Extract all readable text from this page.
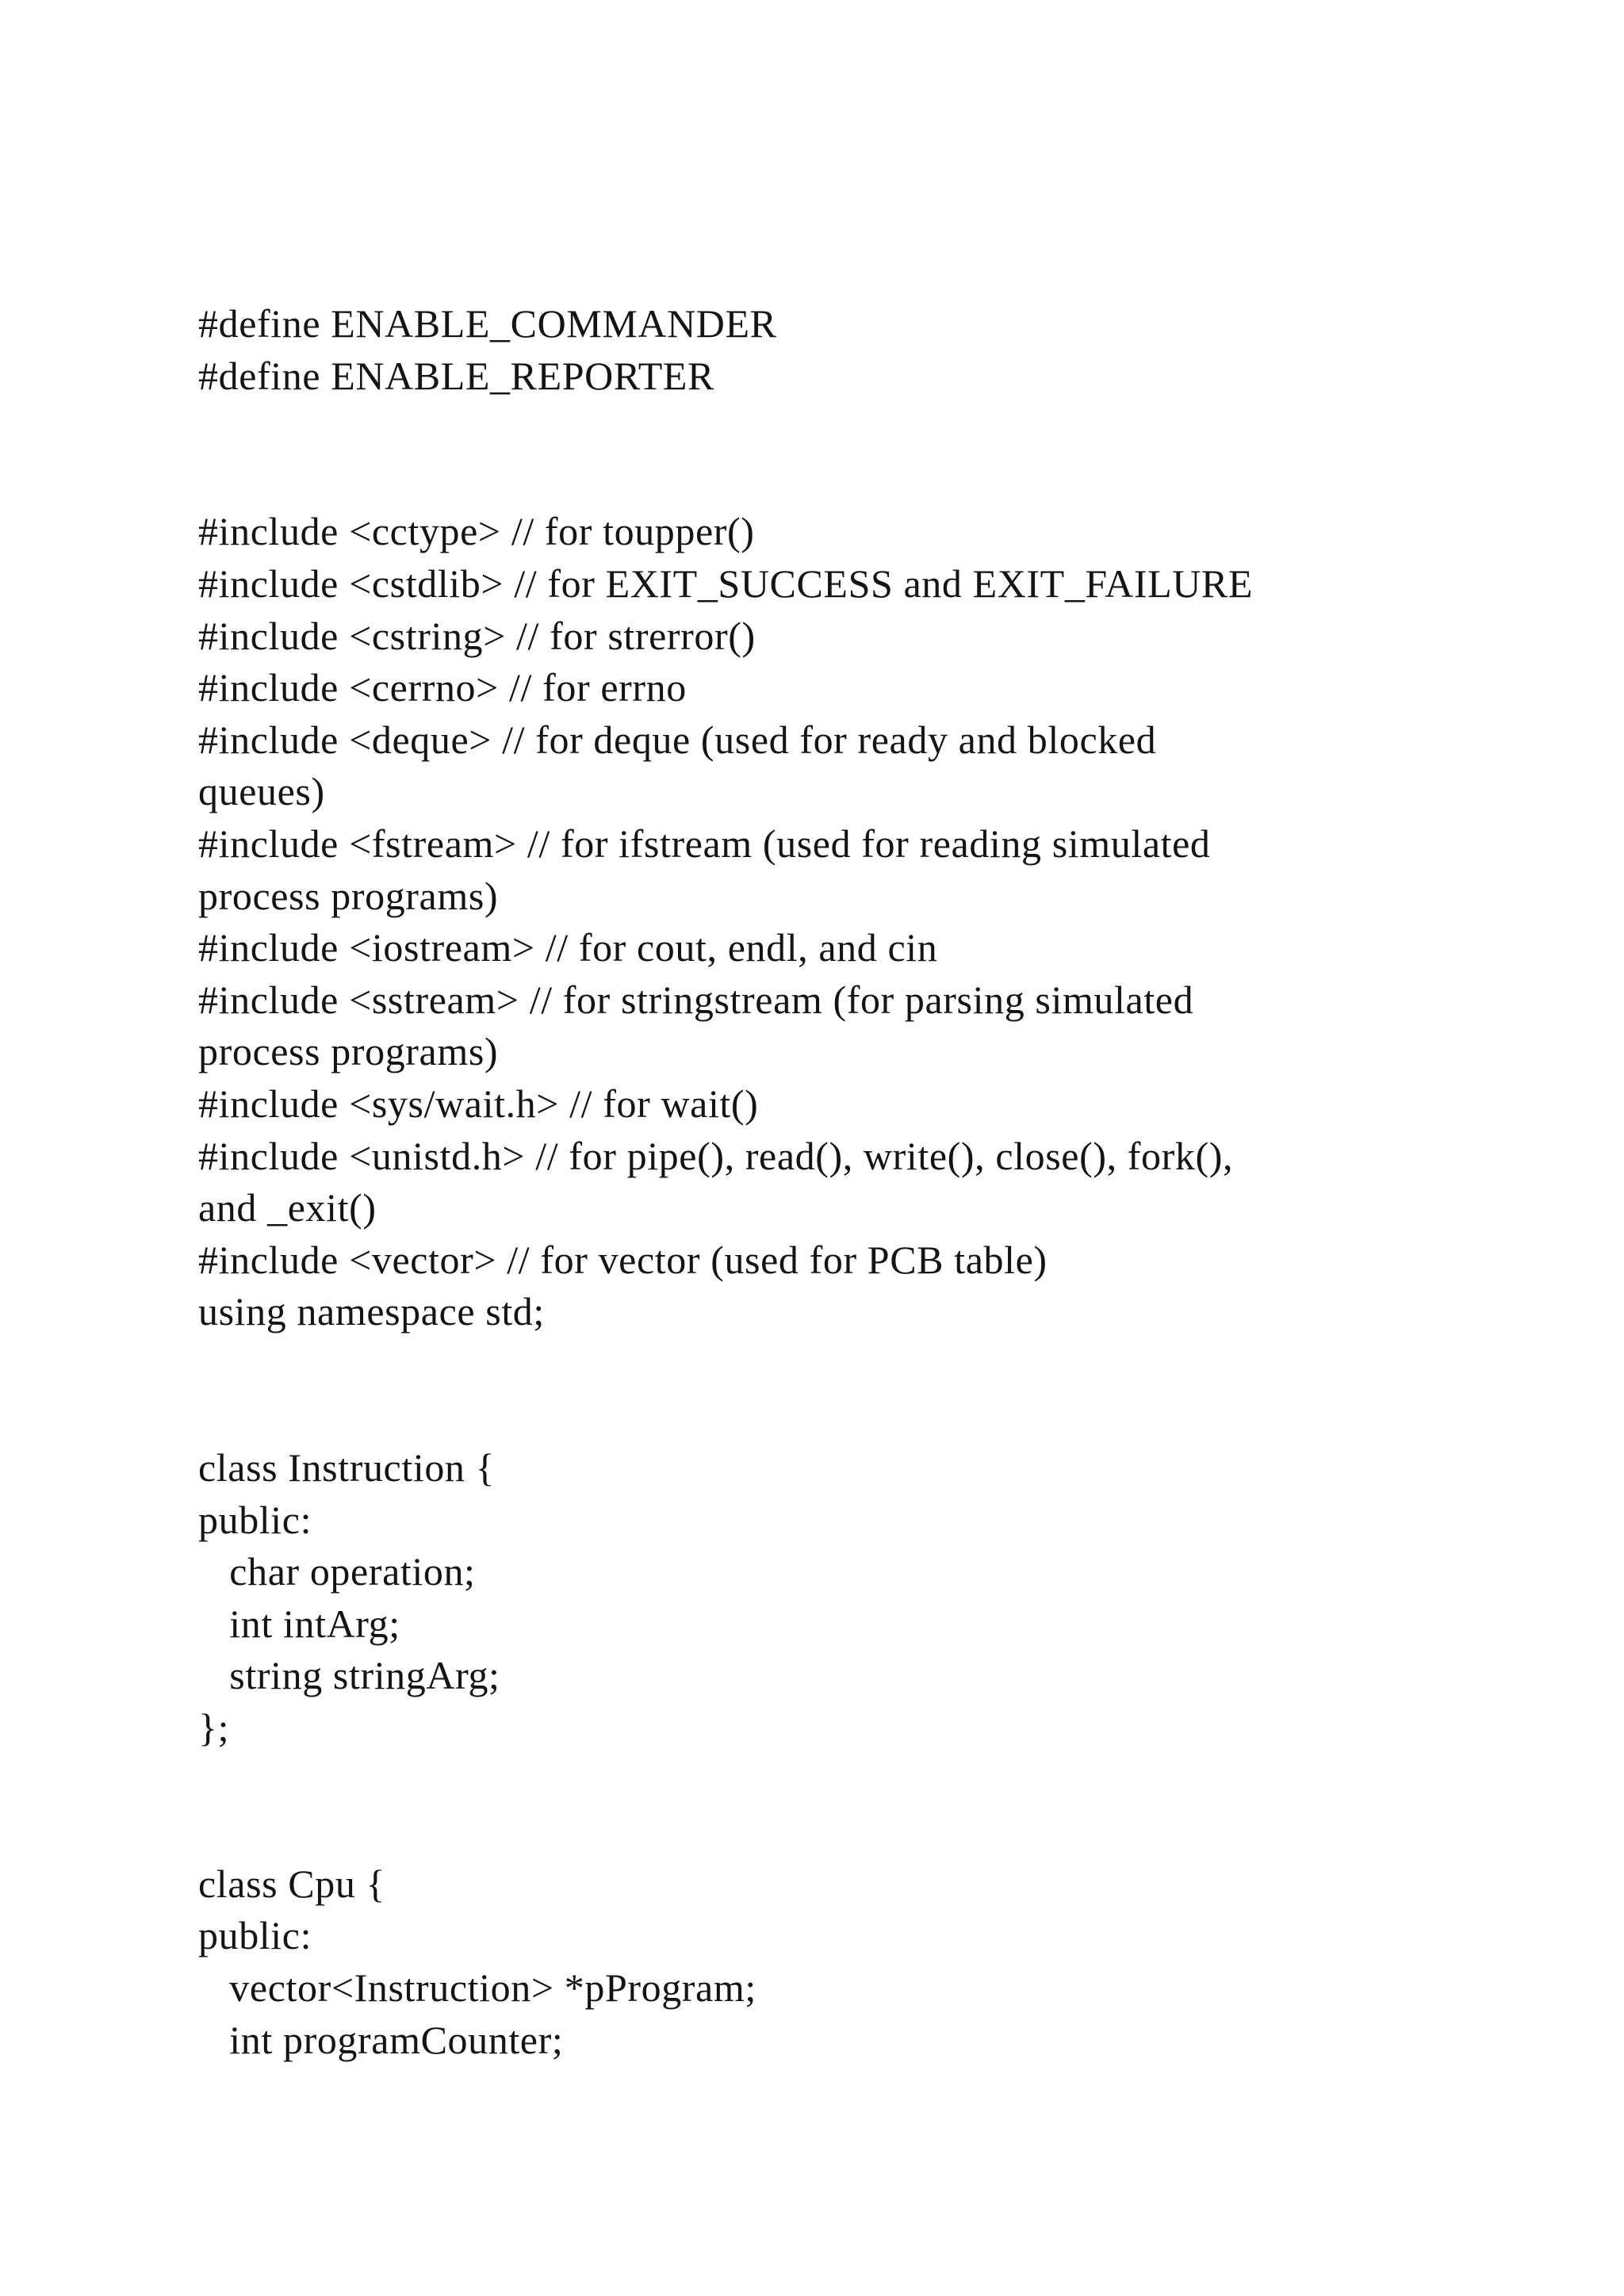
#define ENABLE_COMMANDER
#define ENABLE_REPORTER
#include <cctype> // for toupper()
#include <cstdlib> // for EXIT_SUCCESS and EXIT_FAILURE
#include <cstring> // for strerror()
#include <cerrno> // for errno
#include <deque> // for deque (used for ready and blocked
queues)
#include <fstream> // for ifstream (used for reading simulated
process programs)
#include <iostream> // for cout, endl, and cin
#include <sstream> // for stringstream (for parsing simulated
process programs)
#include <sys/wait.h> // for wait()
#include <unistd.h> // for pipe(), read(), write(), close(), fork(),
and _exit()
#include <vector> // for vector (used for PCB table)
using namespace std;
class Instruction {
public:
char operation;
int intArg;
string stringArg;
};
class Cpu {
public:
vector<Instruction> *pProgram;
int programCounter;
